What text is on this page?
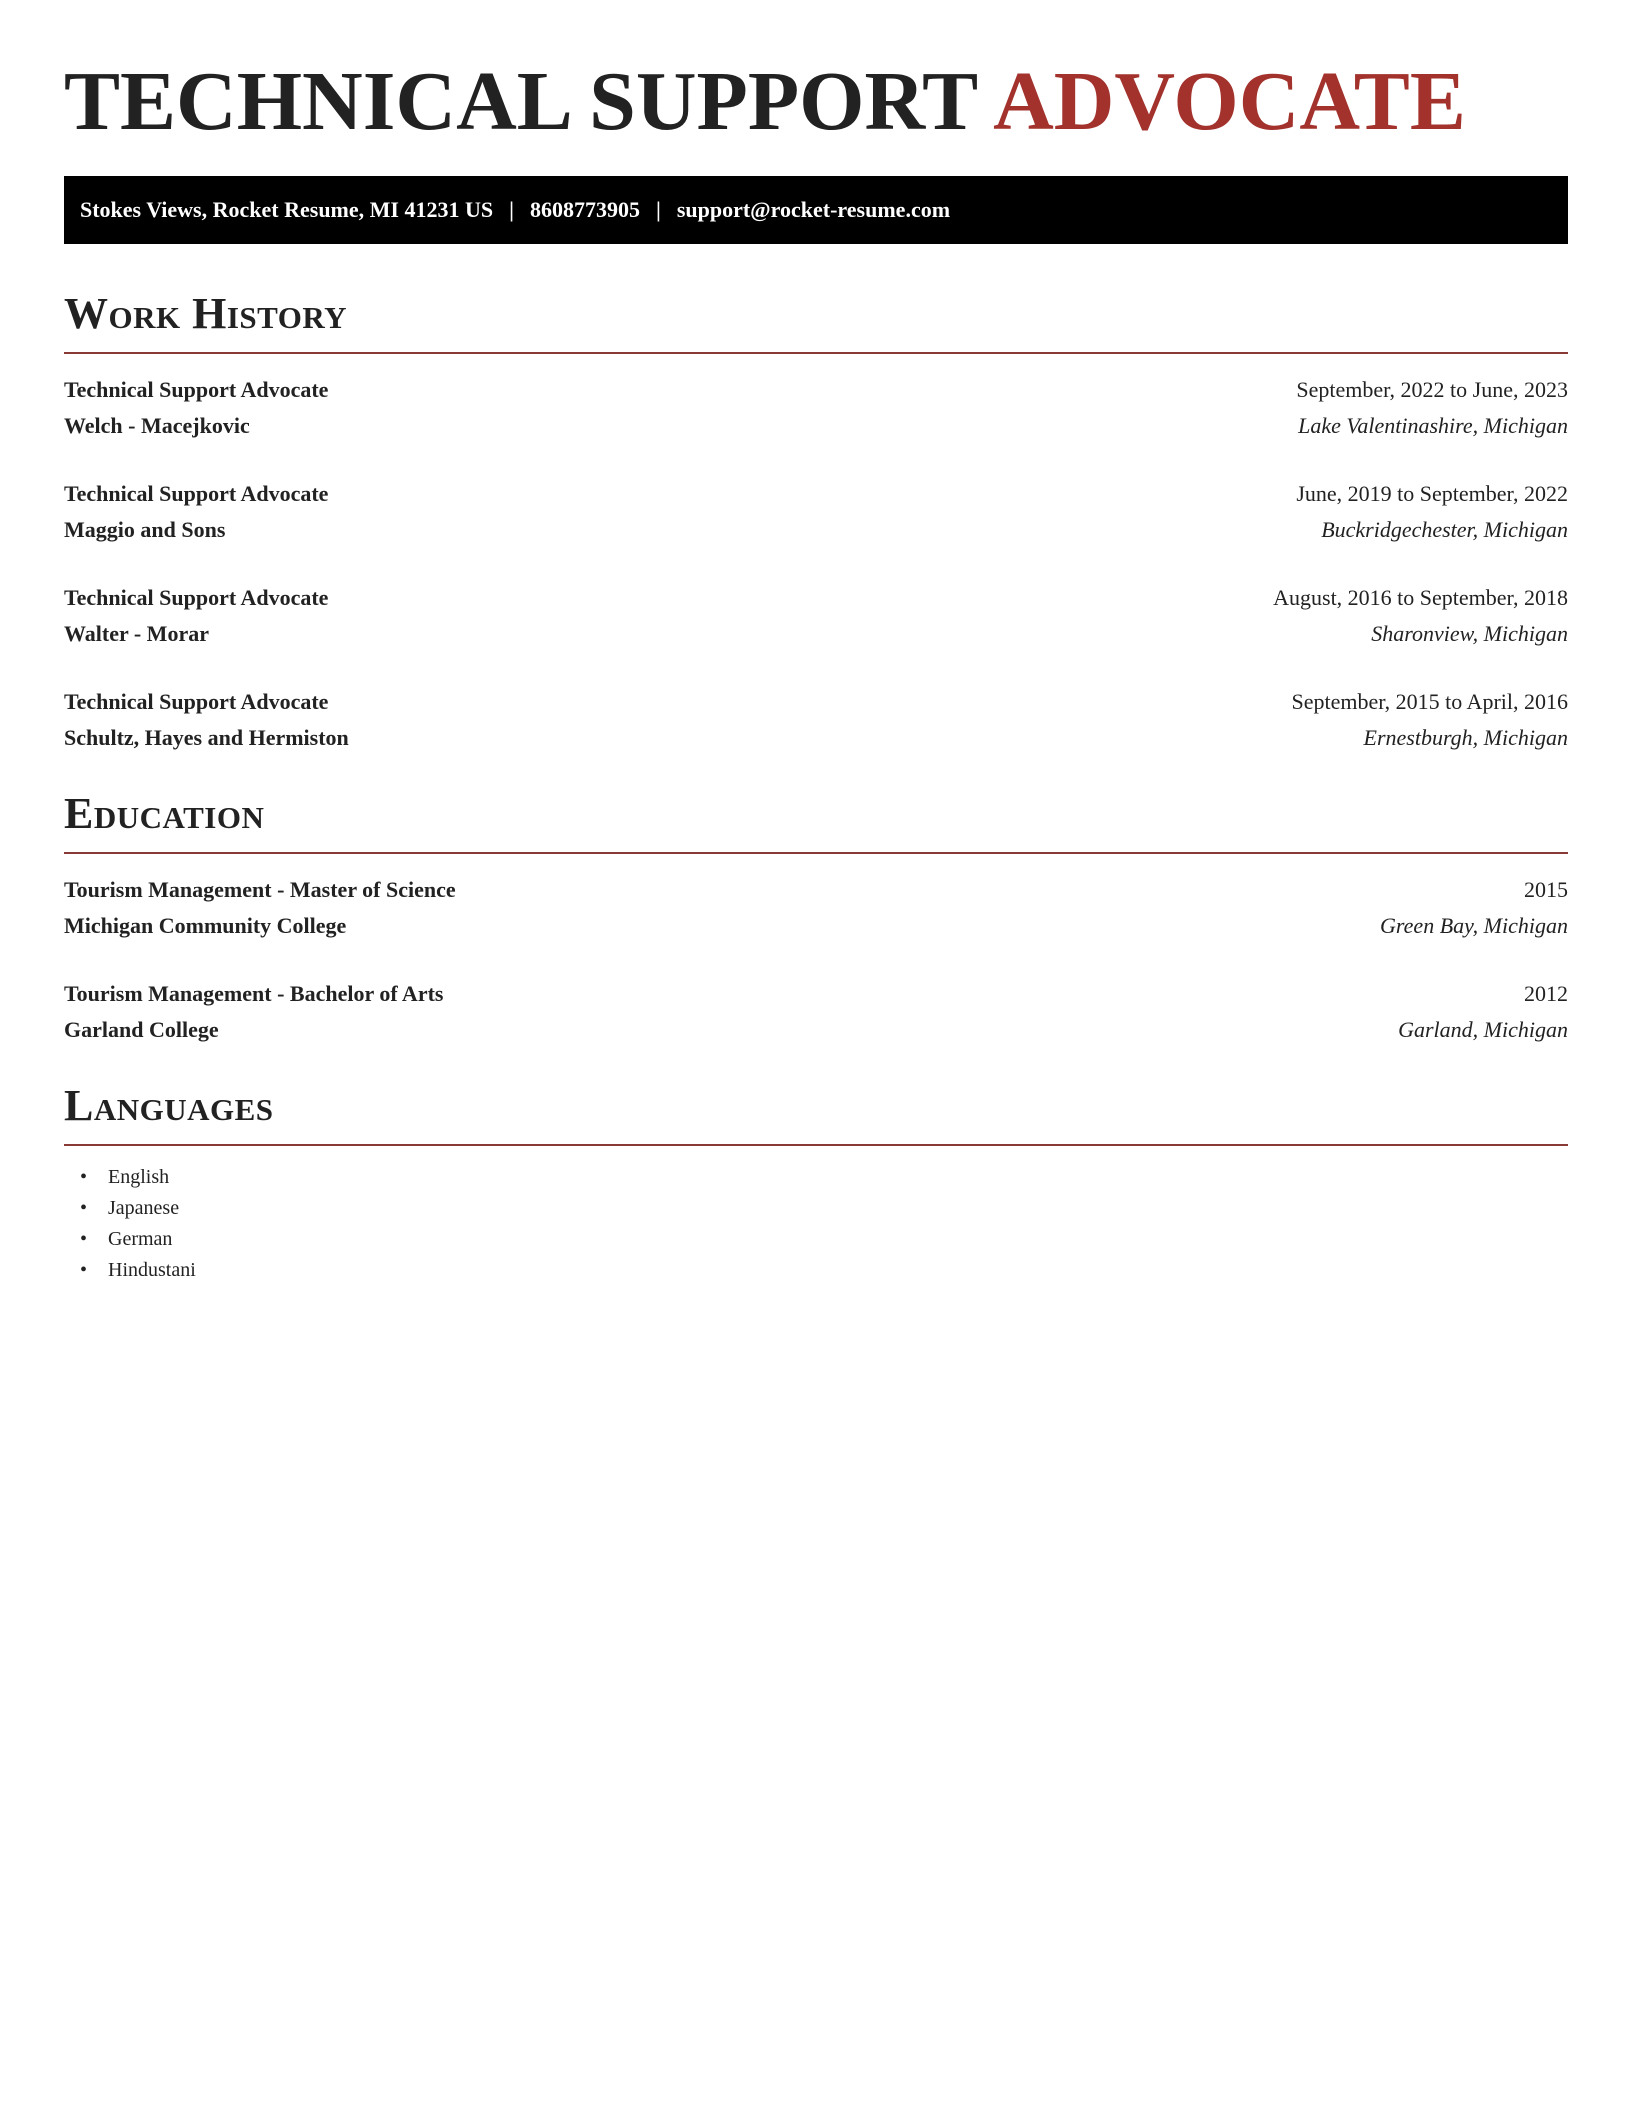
TECHNICAL SUPPORT ADVOCATE
Stokes Views, Rocket Resume, MI 41231 US | 8608773905 | support@rocket-resume.com
Work History
Technical Support Advocate	September, 2022 to June, 2023
Welch - Macejkovic	Lake Valentinashire, Michigan
Technical Support Advocate	June, 2019 to September, 2022
Maggio and Sons	Buckridgechester, Michigan
Technical Support Advocate	August, 2016 to September, 2018
Walter - Morar	Sharonview, Michigan
Technical Support Advocate	September, 2015 to April, 2016
Schultz, Hayes and Hermiston	Ernestburgh, Michigan
Education
Tourism Management - Master of Science	2015
Michigan Community College	Green Bay, Michigan
Tourism Management - Bachelor of Arts	2012
Garland College	Garland, Michigan
Languages
• English
• Japanese
• German
• Hindustani
